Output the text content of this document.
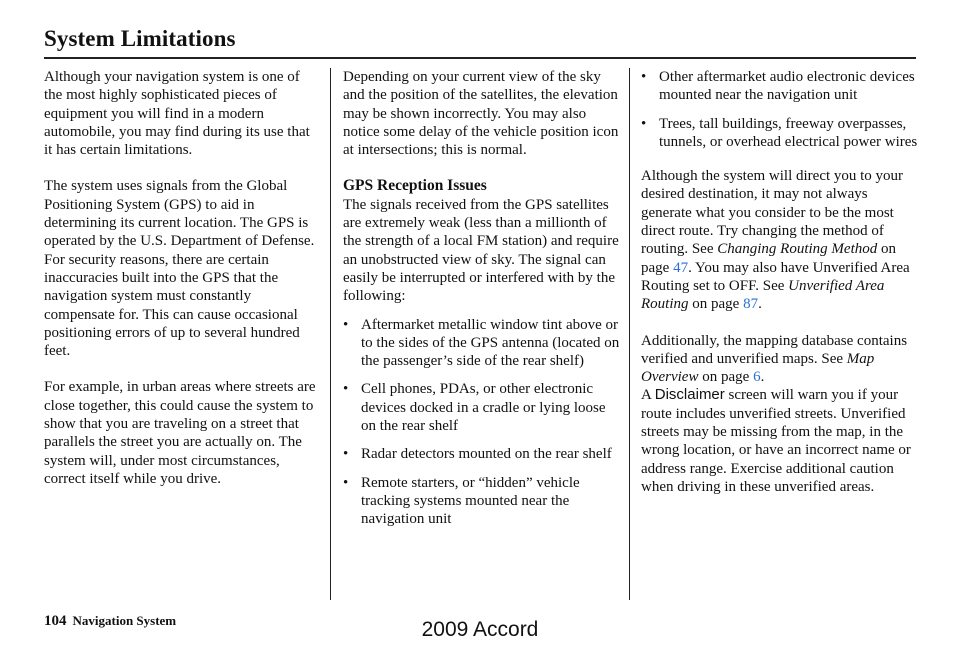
System Limitations

Although your navigation system is one of the most highly sophisticated pieces of equipment you will find in a modern automobile, you may find during its use that it has certain limitations.

The system uses signals from the Global Positioning System (GPS) to aid in determining its current location. The GPS is operated by the U.S. Department of Defense. For security reasons, there are certain inaccuracies built into the GPS that the navigation system must constantly compensate for. This can cause occasional positioning errors of up to several hundred feet.

For example, in urban areas where streets are close together, this could cause the system to show that you are traveling on a street that parallels the street you are actually on. The system will, under most circumstances, correct itself while you drive.

Depending on your current view of the sky and the position of the satellites, the elevation may be shown incorrectly. You may also notice some delay of the vehicle position icon at intersections; this is normal.

GPS Reception Issues

The signals received from the GPS satellites are extremely weak (less than a millionth of the strength of a local FM station) and require an unobstructed view of sky. The signal can easily be interrupted or interfered with by the following:

• Aftermarket metallic window tint above or to the sides of the GPS antenna (located on the passenger’s side of the rear shelf)
• Cell phones, PDAs, or other electronic devices docked in a cradle or lying loose on the rear shelf
• Radar detectors mounted on the rear shelf
• Remote starters, or “hidden” vehicle tracking systems mounted near the navigation unit
• Other aftermarket audio electronic devices mounted near the navigation unit
• Trees, tall buildings, freeway overpasses, tunnels, or overhead electrical power wires

Although the system will direct you to your desired destination, it may not always generate what you consider to be the most direct route. Try changing the method of routing. See Changing Routing Method on page 47. You may also have Unverified Area Routing set to OFF. See Unverified Area Routing on page 87.

Additionally, the mapping database contains verified and unverified maps. See Map Overview on page 6.

A Disclaimer screen will warn you if your route includes unverified streets. Unverified streets may be missing from the map, in the wrong location, or have an incorrect name or address range. Exercise additional caution when driving in these unverified areas.

104 Navigation System	2009 Accord
